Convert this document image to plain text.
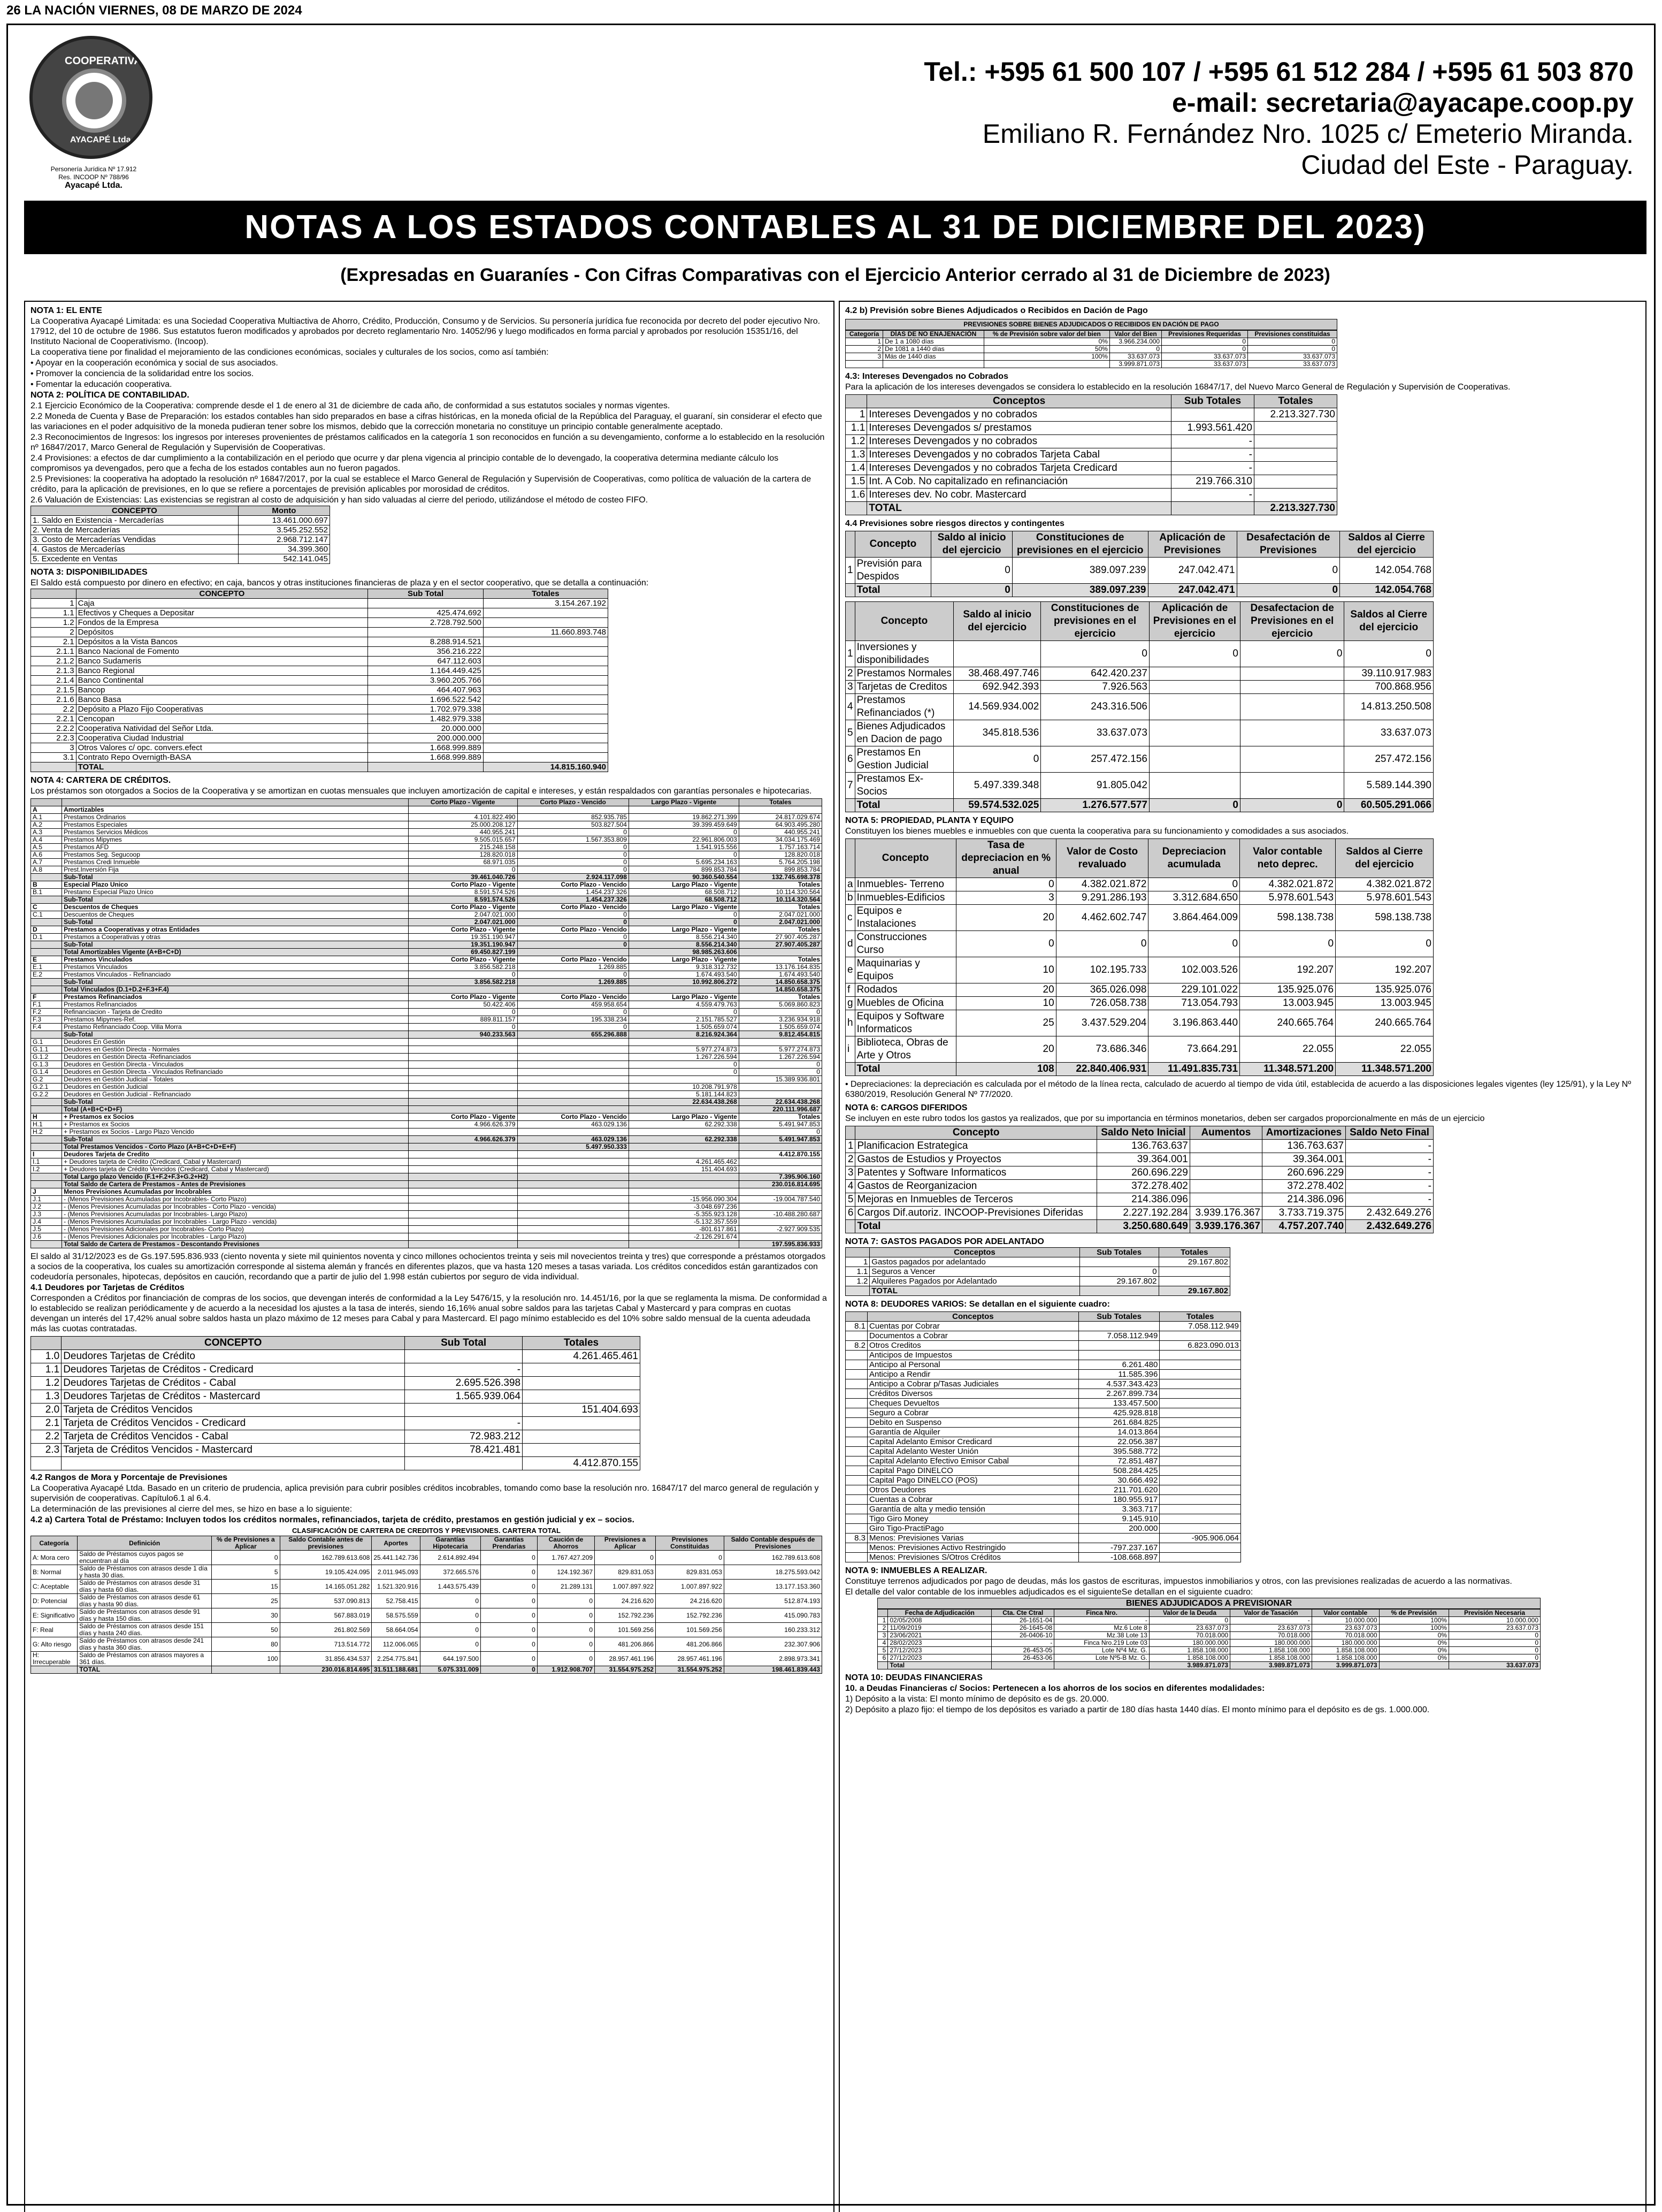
26 LA NACIÓN VIERNES, 08 DE MARZO DE 2024
COOPERATIVA
AYACAPÉ Ltda.
Personería Jurídica Nº 17.912
Res. INCOOP Nº 788/96
Ayacapé Ltda.
Tel.: +595 61 500 107 / +595 61 512 284 / +595 61 503 870
e-mail: secretaria@ayacape.coop.py
Emiliano R. Fernández Nro. 1025 c/ Emeterio Miranda.
Ciudad del Este - Paraguay.
NOTAS A LOS ESTADOS CONTABLES AL 31 DE DICIEMBRE DEL 2023)
(Expresadas en Guaraníes - Con Cifras Comparativas con el Ejercicio Anterior cerrado al 31 de Diciembre de 2023)

NOTA 1: EL ENTE

La Cooperativa Ayacapé Limitada: es una Sociedad Cooperativa Multiactiva de Ahorro, Crédito, Producción, Consumo y de Servicios. Su personería jurídica fue reconocida por decreto del poder ejecutivo Nro. 17912, del 10 de octubre de 1986. Sus estatutos fueron modificados y aprobados por decreto reglamentario Nro. 14052/96 y luego modificados en forma parcial y aprobados por resolución 15351/16, del Instituto Nacional de Cooperativismo. (Incoop).

La cooperativa tiene por finalidad el mejoramiento de las condiciones económicas, sociales y culturales de los socios, como así también:

• Apoyar en la cooperación económica y social de sus asociados.

• Promover la conciencia de la solidaridad entre los socios.

• Fomentar la educación cooperativa.

NOTA 2: POLÍTICA DE CONTABILIDAD.

2.1 Ejercicio Económico de la Cooperativa: comprende desde el 1 de enero al 31 de diciembre de cada año, de conformidad a sus estatutos sociales y normas vigentes.

2.2 Moneda de Cuenta y Base de Preparación: los estados contables han sido preparados en base a cifras históricas, en la moneda oficial de la República del Paraguay, el guaraní, sin considerar el efecto que las variaciones en el poder adquisitivo de la moneda pudieran tener sobre los mismos, debido que la corrección monetaria no constituye un principio contable generalmente aceptado.

2.3 Reconocimientos de Ingresos: los ingresos por intereses provenientes de préstamos calificados en la categoría 1 son reconocidos en función a su devengamiento, conforme a lo establecido en la resolución nº 16847/2017, Marco General de Regulación y Supervisión de Cooperativas.

2.4 Provisiones: a efectos de dar cumplimiento a la contabilización en el periodo que ocurre y dar plena vigencia al principio contable de lo devengado, la cooperativa determina mediante cálculo los compromisos ya devengados, pero que a fecha de los estados contables aun no fueron pagados.

2.5 Previsiones: la cooperativa ha adoptado la resolución nº 16847/2017, por la cual se establece el Marco General de Regulación y Supervisión de Cooperativas, como política de valuación de la cartera de crédito, para la aplicación de previsiones, en lo que se refiere a porcentajes de previsión aplicables por morosidad de créditos.

2.6 Valuación de Existencias: Las existencias se registran al costo de adquisición y han sido valuadas al cierre del periodo, utilizándose el método de costeo FIFO.

CONCEPTO	Monto
1. Saldo en Existencia - Mercaderías	13.461.000.697
2. Venta de Mercaderías	3.545.252.552
3. Costo de Mercaderías Vendidas	2.968.712.147
4. Gastos de Mercaderías	34.399.360
5. Excedente en Ventas	542.141.045

NOTA 3: DISPONIBILIDADES

El Saldo está compuesto por dinero en efectivo; en caja, bancos y otras instituciones financieras de plaza y en el sector cooperativo, que se detalla a continuación:

	CONCEPTO	Sub Total	Totales
1	Caja		3.154.267.192
1.1	Efectivos y Cheques a Depositar	425.474.692	
1.2	Fondos de la Empresa	2.728.792.500	
2	Depósitos		11.660.893.748
2.1	Depósitos a la Vista Bancos	8.288.914.521	
2.1.1	Banco Nacional de Fomento	356.216.222	
2.1.2	Banco Sudameris	647.112.603	
2.1.3	Banco Regional	1.164.449.425	
2.1.4	Banco Continental	3.960.205.766	
2.1.5	Bancop	464.407.963	
2.1.6	Banco Basa	1.696.522.542	
2.2	Depósito a Plazo Fijo Cooperativas	1.702.979.338	
2.2.1	Cencopan	1.482.979.338	
2.2.2	Cooperativa Natividad del Señor Ltda.	20.000.000	
2.2.3	Cooperativa Ciudad Industrial	200.000.000	
3	Otros Valores c/ opc. convers.efect	1.668.999.889	
3.1	Contrato Repo Overnigth-BASA	1.668.999.889	
	TOTAL		14.815.160.940

NOTA 4: CARTERA DE CRÉDITOS.

Los préstamos son otorgados a Socios de la Cooperativa y se amortizan en cuotas mensuales que incluyen amortización de capital e intereses, y están respaldados con garantías personales e hipotecarias.

		Corto Plazo - Vigente	Corto Plazo - Vencido	Largo Plazo - Vigente	Totales
A	Amortizables				
A.1	Prestamos Ordinarios	4.101.822.490	852.935.785	19.862.271.399	24.817.029.674
A.2	Prestamos Especiales	25.000.208.127	503.827.504	39.399.459.649	64.903.495.280
A.3	Prestamos Servicios Médicos	440.955.241	0	0	440.955.241
A.4	Prestamos Mipymes	9.505.015.657	1.567.353.809	22.961.806.003	34.034.175.469
A.5	Prestamos AFD	215.248.158	0	1.541.915.556	1.757.163.714
A.6	Prestamos Seg. Segucoop	128.820.018	0	0	128.820.018
A.7	Prestamos Credi Inmueble	68.971.035	0	5.695.234.163	5.764.205.198
A.8	Prest.Inversión Fija	0	0	899.853.784	899.853.784
	Sub-Total	39.461.040.726	2.924.117.098	90.360.540.554	132.745.698.378
B	Especial Plazo Unico	Corto Plazo - Vigente	Corto Plazo - Vencido	Largo Plazo - Vigente	Totales
B.1	Prestamo Especial Plazo Unico	8.591.574.526	1.454.237.326	68.508.712	10.114.320.564
	Sub-Total	8.591.574.526	1.454.237.326	68.508.712	10.114.320.564
C	Descuentos de Cheques	Corto Plazo - Vigente	Corto Plazo - Vencido	Largo Plazo - Vigente	Totales
C.1	Descuentos de Cheques	2.047.021.000	0	0	2.047.021.000
	Sub-Total	2.047.021.000	0	0	2.047.021.000
D	Prestamos a Cooperativas y otras Entidades	Corto Plazo - Vigente	Corto Plazo - Vencido	Largo Plazo - Vigente	Totales
D.1	Prestamos a Cooperativas y otras	19.351.190.947	0	8.556.214.340	27.907.405.287
	Sub-Total	19.351.190.947	0	8.556.214.340	27.907.405.287
	Total Amortizables Vigente (A+B+C+D)	69.450.827.199		98.985.263.606	
E	Prestamos Vinculados	Corto Plazo - Vigente	Corto Plazo - Vencido	Largo Plazo - Vigente	Totales
E.1	Prestamos Vinculados	3.856.582.218	1.269.885	9.318.312.732	13.176.164.835
E.2	Prestamos Vinculados - Refinanciado	0	0	1.674.493.540	1.674.493.540
	Sub-Total	3.856.582.218	1.269.885	10.992.806.272	14.850.658.375
	Total Vinculados (D.1+D.2+F.3+F.4)				14.850.658.375
F	Prestamos Refinanciados	Corto Plazo - Vigente	Corto Plazo - Vencido	Largo Plazo - Vigente	Totales
F.1	Prestamos Refinanciados	50.422.406	459.958.654	4.559.479.763	5.069.860.823
F.2	Refinanciacion - Tarjeta de Credito	0	0	0	0
F.3	Prestamos Mipymes-Ref.	889.811.157	195.338.234	2.151.785.527	3.236.934.918
F.4	Prestamo Refinanciado Coop. Villa Morra	0	0	1.505.659.074	1.505.659.074
	Sub-Total	940.233.563	655.296.888	8.216.924.364	9.812.454.815
G.1	Deudores En Gestión				
G.1.1	Deudores en Gestión Directa - Normales			5.977.274.873	5.977.274.873
G.1.2	Deudores en Gestión Directa -Refinanciados			1.267.226.594	1.267.226.594
G.1.3	Deudores en Gestión Directa - Vinculados			0	0
G.1.4	Deudores en Gestión Directa - Vinculados Refinanciado			0	0
G.2	Deudores en Gestión Judicial - Totales				15.389.936.801
G.2.1	Deudores en Gestión Judicial			10.208.791.978	
G.2.2	Deudores en Gestión Judicial - Refinanciado			5.181.144.823	
	Sub-Total			22.634.438.268	22.634.438.268
	Total (A+B+C+D+F)				220.111.996.687
H	+ Prestamos ex Socios	Corto Plazo - Vigente	Corto Plazo - Vencido	Largo Plazo - Vigente	Totales
H.1	+ Prestamos ex Socios	4.966.626.379	463.029.136	62.292.338	5.491.947.853
H.2	+ Prestamos ex Socios - Largo Plazo Vencido				0
	Sub-Total	4.966.626.379	463.029.136	62.292.338	5.491.947.853
	Total Prestamos Vencidos - Corto Plazo (A+B+C+D+E+F)		5.497.950.333		
I	Deudores Tarjeta de Credito				4.412.870.155
I.1	+ Deudores tarjeta de Crédito (Credicard, Cabal y Mastercard)			4.261.465.462	
I.2	+ Deudores tarjeta de Crédito Vencidos (Credicard, Cabal y Mastercard)			151.404.693	
	Total Largo plazo Vencido (F.1+F.2+F.3+G.2+H2)				7.395.906.160
	Total Saldo de Cartera de Prestamos - Antes de Previsiones				230.016.814.695
J	Menos Previsiones Acumuladas por Incobrables				
J.1	- (Menos Previsiones Acumuladas por Incobrables- Corto Plazo)			-15.956.090.304	-19.004.787.540
J.2	- (Menos Previsiones Acumuladas por Incobrables - Corto Plazo - vencida)			-3.048.697.236	
J.3	- (Menos Previsiones Acumuladas por Incobrables- Largo Plazo)			-5.355.923.128	-10.488.280.687
J.4	- (Menos Previsiones Acumuladas por Incobrables - Largo Plazo - vencida)			-5.132.357.559	
J.5	- (Menos Previsiones Adicionales por Incobrables- Corto Plazo)			-801.617.861	-2.927.909.535
J.6	- (Menos Previsiones Adicionales por Incobrables - Largo Plazo)			-2.126.291.674	
	Total Saldo de Cartera de Prestamos - Descontando Previsiones				197.595.836.933

El saldo al 31/12/2023 es de Gs.197.595.836.933 (ciento noventa y siete mil quinientos noventa y cinco millones ochocientos treinta y seis mil novecientos treinta y tres) que corresponde a préstamos otorgados a socios de la cooperativa, los cuales su amortización corresponde al sistema alemán y francés en diferentes plazos, que va hasta 120 meses a tasas variada. Los créditos concedidos están garantizados con codeudoría personales, hipotecas, depósitos en caución, recordando que a partir de julio del 1.998 están cubiertos por seguro de vida individual.

4.1 Deudores por Tarjetas de Créditos

Corresponden a Créditos por financiación de compras de los socios, que devengan interés de conformidad a la Ley 5476/15, y la resolución nro. 14.451/16, por la que se reglamenta la misma. De conformidad a lo establecido se realizan periódicamente y de acuerdo a la necesidad los ajustes a la tasa de interés, siendo 16,16% anual sobre saldos para las tarjetas Cabal y Mastercard y para compras en cuotas devengan un interés del 17,42% anual sobre saldos hasta un plazo máximo de 12 meses para Cabal y para Mastercard. El pago mínimo establecido es del 10% sobre saldo mensual de la cuenta adeudada más las cuotas contratadas.

	CONCEPTO	Sub Total	Totales
1.0	Deudores Tarjetas de Crédito		4.261.465.461
1.1	Deudores Tarjetas de Créditos - Credicard	-	
1.2	Deudores Tarjetas de Créditos - Cabal	2.695.526.398	
1.3	Deudores Tarjetas de Créditos - Mastercard	1.565.939.064	
2.0	Tarjeta de Créditos Vencidos		151.404.693
2.1	Tarjeta de Créditos Vencidos - Credicard	-	
2.2	Tarjeta de Créditos Vencidos - Cabal	72.983.212	
2.3	Tarjeta de Créditos Vencidos - Mastercard	78.421.481	
			4.412.870.155

4.2 Rangos de Mora y Porcentaje de Previsiones

La Cooperativa Ayacapé Ltda. Basado en un criterio de prudencia, aplica previsión para cubrir posibles créditos incobrables, tomando como base la resolución nro. 16847/17 del marco general de regulación y supervisión de cooperativas. Capítulo6.1 al 6.4.

La determinación de las previsiones al cierre del mes, se hizo en base a lo siguiente:

4.2 a) Cartera Total de Préstamo: Incluyen todos los créditos normales, refinanciados, tarjeta de crédito, prestamos en gestión judicial y ex – socios.

CLASIFICACIÓN DE CARTERA DE CREDITOS Y PREVISIONES. CARTERA TOTAL
Categoría	Definición	% de Previsiones a Aplicar	Saldo Contable antes de previsiones	Aportes	Garantías Hipotecaria	Garantías Prendarias	Caución de Ahorros	Previsiones a Aplicar	Previsiones Constituidas	Saldo Contable después de Previsiones
A: Mora cero	Saldo de Préstamos cuyos pagos se encuentran al día	0	162.789.613.608	25.441.142.736	2.614.892.494	0	1.767.427.209	0	0	162.789.613.608
B: Normal	Saldo de Préstamos con atrasos desde 1 día y hasta 30 días.	5	19.105.424.095	2.011.945.093	372.665.576	0	124.192.367	829.831.053	829.831.053	18.275.593.042
C: Aceptable	Saldo de Préstamos con atrasos desde 31 días y hasta 60 días.	15	14.165.051.282	1.521.320.916	1.443.575.439	0	21.289.131	1.007.897.922	1.007.897.922	13.177.153.360
D: Potencial	Saldo de Préstamos con atrasos desde 61 días y hasta 90 días.	25	537.090.813	52.758.415	0	0	0	24.216.620	24.216.620	512.874.193
E: Significativo	Saldo de Préstamos con atrasos desde 91 días y hasta 150 días.	30	567.883.019	58.575.559	0	0	0	152.792.236	152.792.236	415.090.783
F: Real	Saldo de Préstamos con atrasos desde 151 días y hasta 240 días.	50	261.802.569	58.664.054	0	0	0	101.569.256	101.569.256	160.233.312
G: Alto riesgo	Saldo de Préstamos con atrasos desde 241 días y hasta 360 días.	80	713.514.772	112.006.065	0	0	0	481.206.866	481.206.866	232.307.906
H: Irrecuperable	Saldo de Préstamos con atrasos mayores a 361 días.	100	31.856.434.537	2.254.775.841	644.197.500	0	0	28.957.461.196	28.957.461.196	2.898.973.341
	TOTAL		230.016.814.695	31.511.188.681	5.075.331.009	0	1.912.908.707	31.554.975.252	31.554.975.252	198.461.839.443

4.2 b) Previsión sobre Bienes Adjudicados o Recibidos en Dación de Pago

PREVISIONES SOBRE BIENES ADJUDICADOS O RECIBIDOS EN DACIÓN DE PAGO
Categoría	DÍAS DE NO ENAJENACIÓN	% de Previsión sobre valor del bien	Valor del Bien	Previsiones Requeridas	Previsiones constituidas
1	De 1 a 1080 días	0%	3.966.234.000	0	0
2	De 1081 a 1440 días	50%	0	0	0
3	Más de 1440 días	100%	33.637.073	33.637.073	33.637.073
			3.999.871.073	33.637.073	33.637.073

4.3: Intereses Devengados no Cobrados

Para la aplicación de los intereses devengados se considera lo establecido en la resolución 16847/17, del Nuevo Marco General de Regulación y Supervisión de Cooperativas.

	Conceptos	Sub Totales	Totales
1	Intereses Devengados y no cobrados		2.213.327.730
1.1	Intereses Devengados s/ prestamos	1.993.561.420	
1.2	Intereses Devengados y no cobrados	-	
1.3	Intereses Devengados y no cobrados Tarjeta Cabal	-	
1.4	Intereses Devengados y no cobrados Tarjeta Credicard	-	
1.5	Int. A Cob. No capitalizado en refinanciación	219.766.310	
1.6	Intereses dev. No cobr. Mastercard	-	
	TOTAL		2.213.327.730

4.4 Previsiones sobre riesgos directos y contingentes

	Concepto	Saldo al inicio del ejercicio	Constituciones de previsiones en el ejercicio	Aplicación de Previsiones	Desafectación de Previsiones	Saldos al Cierre del ejercicio
1	Previsión para Despidos	0	389.097.239	247.042.471	0	142.054.768
	Total	0	389.097.239	247.042.471	0	142.054.768
	Concepto	Saldo al inicio del ejercicio	Constituciones de previsiones en el ejercicio	Aplicación de Previsiones en el ejercicio	Desafectacion de Previsiones en el ejercicio	Saldos al Cierre del ejercicio
1	Inversiones y disponibilidades		0	0	0	0
2	Prestamos Normales	38.468.497.746	642.420.237			39.110.917.983
3	Tarjetas de Creditos	692.942.393	7.926.563			700.868.956
4	Prestamos Refinanciados (*)	14.569.934.002	243.316.506			14.813.250.508
5	Bienes Adjudicados en Dacion de pago	345.818.536	33.637.073			33.637.073
6	Prestamos En Gestion Judicial	0	257.472.156			257.472.156
7	Prestamos Ex-Socios	5.497.339.348	91.805.042			5.589.144.390
	Total	59.574.532.025	1.276.577.577	0	0	60.505.291.066

NOTA 5: PROPIEDAD, PLANTA Y EQUIPO

Constituyen los bienes muebles e inmuebles con que cuenta la cooperativa para su funcionamiento y comodidades a sus asociados.

	Concepto	Tasa de depreciacion en % anual	Valor de Costo revaluado	Depreciacion acumulada	Valor contable neto deprec.	Saldos al Cierre del ejercicio
a	Inmuebles- Terreno	0	4.382.021.872	0	4.382.021.872	4.382.021.872
b	Inmuebles-Edificios	3	9.291.286.193	3.312.684.650	5.978.601.543	5.978.601.543
c	Equipos e Instalaciones	20	4.462.602.747	3.864.464.009	598.138.738	598.138.738
d	Construcciones Curso	0	0	0	0	0
e	Maquinarias y Equipos	10	102.195.733	102.003.526	192.207	192.207
f	Rodados	20	365.026.098	229.101.022	135.925.076	135.925.076
g	Muebles de Oficina	10	726.058.738	713.054.793	13.003.945	13.003.945
h	Equipos y Software Informaticos	25	3.437.529.204	3.196.863.440	240.665.764	240.665.764
i	Biblioteca, Obras de Arte y Otros	20	73.686.346	73.664.291	22.055	22.055
	Total	108	22.840.406.931	11.491.835.731	11.348.571.200	11.348.571.200

• Depreciaciones: la depreciación es calculada por el método de la línea recta, calculado de acuerdo al tiempo de vida útil, establecida de acuerdo a las disposiciones legales vigentes (ley 125/91), y la Ley Nº 6380/2019, Resolución General Nº 77/2020.

NOTA 6: CARGOS DIFERIDOS

Se incluyen en este rubro todos los gastos ya realizados, que por su importancia en términos monetarios, deben ser cargados proporcionalmente en más de un ejercicio

	Concepto	Saldo Neto Inicial	Aumentos	Amortizaciones	Saldo Neto Final
1	Planificacion Estrategica	136.763.637		136.763.637	-
2	Gastos de Estudios y Proyectos	39.364.001		39.364.001	-
3	Patentes y Software Informaticos	260.696.229		260.696.229	-
4	Gastos de Reorganizacion	372.278.402		372.278.402	-
5	Mejoras en Inmuebles de Terceros	214.386.096		214.386.096	-
6	Cargos Dif.autoriz. INCOOP-Previsiones Diferidas	2.227.192.284	3.939.176.367	3.733.719.375	2.432.649.276
	Total	3.250.680.649	3.939.176.367	4.757.207.740	2.432.649.276

NOTA 7: GASTOS PAGADOS POR ADELANTADO

	Conceptos	Sub Totales	Totales
1	Gastos pagados por adelantado		29.167.802
1.1	Seguros a Vencer	0	
1.2	Alquileres Pagados por Adelantado	29.167.802	
	TOTAL		29.167.802

NOTA 8: DEUDORES VARIOS: Se detallan en el siguiente cuadro:

	Conceptos	Sub Totales	Totales
8.1	Cuentas por Cobrar		7.058.112.949
	Documentos a Cobrar	7.058.112.949	
8.2	Otros Creditos		6.823.090.013
	Anticipos de Impuestos		
	Anticipo al Personal	6.261.480	
	Anticipo a Rendir	11.585.396	
	Anticipo a Cobrar p/Tasas Judiciales	4.537.343.423	
	Créditos Diversos	2.267.899.734	
	Cheques Devueltos	133.457.500	
	Seguro a Cobrar	425.928.818	
	Debito en Suspenso	261.684.825	
	Garantía de Alquiler	14.013.864	
	Capital Adelanto Emisor Credicard	22.056.387	
	Capital Adelanto Wester Unión	395.588.772	
	Capital Adelanto Efectivo Emisor Cabal	72.851.487	
	Capital Pago DINELCO	508.284.425	
	Capital Pago DINELCO (POS)	30.666.492	
	Otros Deudores	211.701.620	
	Cuentas a Cobrar	180.955.917	
	Garantía de alta y medio tensión	3.363.717	
	Tigo Giro Money	9.145.910	
	Giro Tigo-PractiPago	200.000	
8.3	Menos: Previsiones Varias		-905.906.064
	Menos: Previsiones Activo Restringido	-797.237.167	
	Menos: Previsiones S/Otros Créditos	-108.668.897	

NOTA 9: INMUEBLES A REALIZAR.

Constituye terrenos adjudicados por pago de deudas, más los gastos de escrituras, impuestos inmobiliarios y otros, con las previsiones realizadas de acuerdo a las normativas.

El detalle del valor contable de los inmuebles adjudicados es el siguienteSe detallan en el siguiente cuadro:

BIENES ADJUDICADOS A PREVISIONAR
	Fecha de Adjudicación	Cta. Cte Ctral	Finca Nro.	Valor de la Deuda	Valor de Tasación	Valor contable	% de Previsión	Previsión Necesaria
1	02/05/2008	26-1651-04	-	0	-	10.000.000	100%	10.000.000
2	11/09/2019	26-1645-08	Mz.6 Lote 8	23.637.073	23.637.073	23.637.073	100%	23.637.073
3	23/06/2021	26-0406-10	Mz.38 Lote 13	70.018.000	70.018.000	70.018.000	0%	0
4	28/02/2023	-	Finca Nro.219 Lote 03	180.000.000	180.000.000	180.000.000	0%	0
5	27/12/2023	26-453-05	Lote Nº4 Mz. G.	1.858.108.000	1.858.108.000	1.858.108.000	0%	0
6	27/12/2023	26-453-06	Lote Nº5-B Mz. G.	1.858.108.000	1.858.108.000	1.858.108.000	0%	0
	Total			3.989.871.073	3.989.871.073	3.999.871.073		33.637.073

NOTA 10: DEUDAS FINANCIERAS

10. a Deudas Financieras c/ Socios: Pertenecen a los ahorros de los socios en diferentes modalidades:

1) Depósito a la vista: El monto mínimo de depósito es de gs. 20.000.

2) Depósito a plazo fijo: el tiempo de los depósitos es variado a partir de 180 días hasta 1440 días. El monto mínimo para el depósito es de gs. 1.000.000.
